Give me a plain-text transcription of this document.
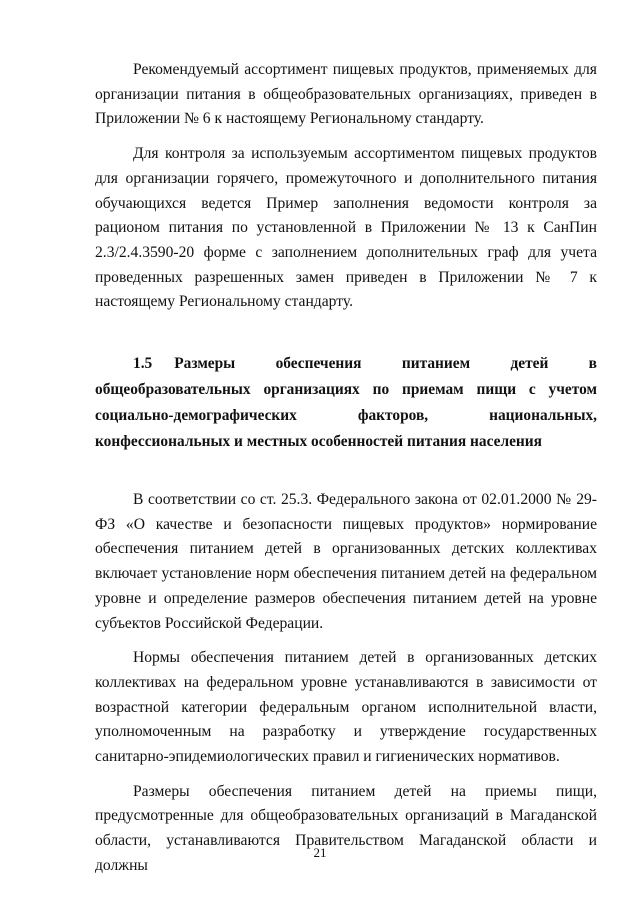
Рекомендуемый ассортимент пищевых продуктов, применяемых для организации питания в общеобразовательных организациях, приведен в Приложении № 6 к настоящему Региональному стандарту.

Для контроля за используемым ассортиментом пищевых продуктов для организации горячего, промежуточного и дополнительного питания обучающихся ведется Пример заполнения ведомости контроля за рационом питания по установленной в Приложении № 13 к СанПин 2.3/2.4.3590-20 форме с заполнением дополнительных граф для учета проведенных разрешенных замен приведен в Приложении № 7 к настоящему Региональному стандарту.

1.5 Размеры обеспечения питанием детей в общеобразовательных организациях по приемам пищи с учетом социально-демографических факторов, национальных, конфессиональных и местных особенностей питания населения

В соответствии со ст. 25.3. Федерального закона от 02.01.2000 № 29-ФЗ «О качестве и безопасности пищевых продуктов» нормирование обеспечения питанием детей в организованных детских коллективах включает установление норм обеспечения питанием детей на федеральном уровне и определение размеров обеспечения питанием детей на уровне субъектов Российской Федерации.

Нормы обеспечения питанием детей в организованных детских коллективах на федеральном уровне устанавливаются в зависимости от возрастной категории федеральным органом исполнительной власти, уполномоченным на разработку и утверждение государственных санитарно-эпидемиологических правил и гигиенических нормативов.

Размеры обеспечения питанием детей на приемы пищи, предусмотренные для общеобразовательных организаций в Магаданской области, устанавливаются Правительством Магаданской области и должны

21
